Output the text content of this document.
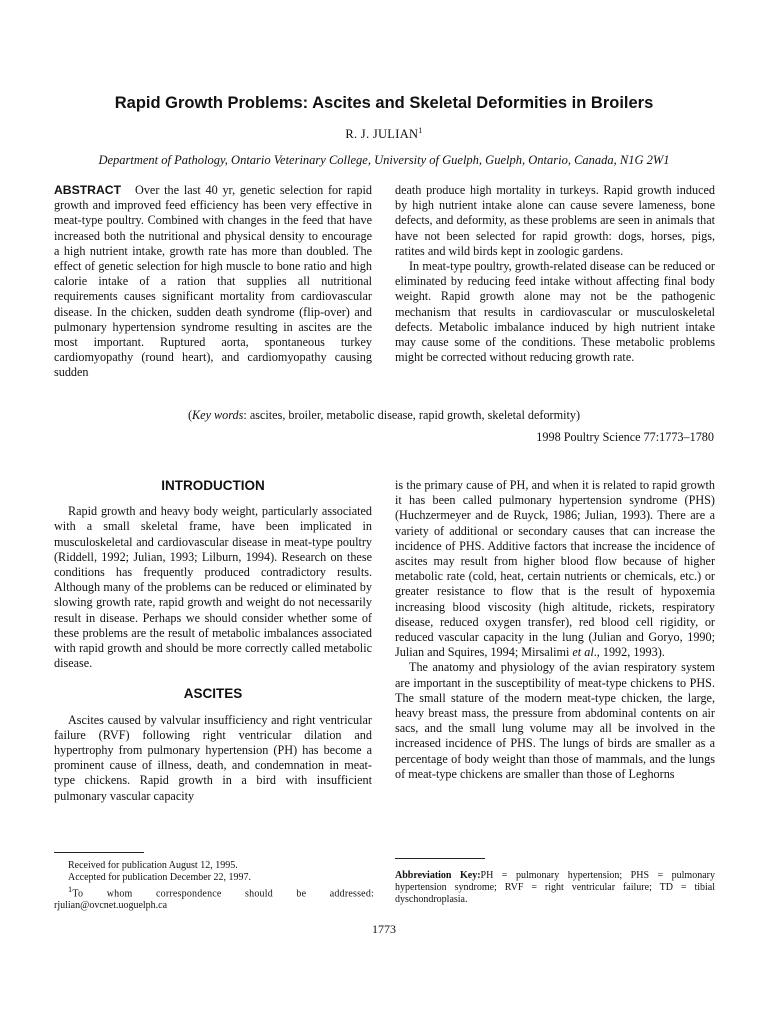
Rapid Growth Problems: Ascites and Skeletal Deformities in Broilers
R. J. JULIAN$^1$
Department of Pathology, Ontario Veterinary College, University of Guelph, Guelph, Ontario, Canada, N1G 2W1

ABSTRACT Over the last 40 yr, genetic selection for rapid growth and improved feed efficiency has been very effective in meat-type poultry. Combined with changes in the feed that have increased both the nutritional and physical density to encourage a high nutrient intake, growth rate has more than doubled. The effect of genetic selection for high muscle to bone ratio and high calorie intake of a ration that supplies all nutritional requirements causes significant mortality from cardiovascular disease. In the chicken, sudden death syndrome (flip-over) and pulmonary hypertension syndrome resulting in ascites are the most important. Ruptured aorta, spontaneous turkey cardiomyopathy (round heart), and cardiomyopathy causing sudden

death produce high mortality in turkeys. Rapid growth induced by high nutrient intake alone can cause severe lameness, bone defects, and deformity, as these problems are seen in animals that have not been selected for rapid growth: dogs, horses, pigs, ratites and wild birds kept in zoologic gardens.

In meat-type poultry, growth-related disease can be reduced or eliminated by reducing feed intake without affecting final body weight. Rapid growth alone may not be the pathogenic mechanism that results in cardiovascular or musculoskeletal defects. Metabolic imbalance induced by high nutrient intake may cause some of the conditions. These metabolic problems might be corrected without reducing growth rate.

(Key words: ascites, broiler, metabolic disease, rapid growth, skeletal deformity)
1998 Poultry Science 77:1773–1780

INTRODUCTION

Rapid growth and heavy body weight, particularly associated with a small skeletal frame, have been implicated in musculoskeletal and cardiovascular disease in meat-type poultry (Riddell, 1992; Julian, 1993; Lilburn, 1994). Research on these conditions has frequently produced contradictory results. Although many of the problems can be reduced or eliminated by slowing growth rate, rapid growth and weight do not necessarily result in disease. Perhaps we should consider whether some of these problems are the result of metabolic imbalances associated with rapid growth and should be more correctly called metabolic disease.

ASCITES

Ascites caused by valvular insufficiency and right ventricular failure (RVF) following right ventricular dilation and hypertrophy from pulmonary hypertension (PH) has become a prominent cause of illness, death, and condemnation in meat-type chickens. Rapid growth in a bird with insufficient pulmonary vascular capacity

is the primary cause of PH, and when it is related to rapid growth it has been called pulmonary hypertension syndrome (PHS) (Huchzermeyer and de Ruyck, 1986; Julian, 1993). There are a variety of additional or secondary causes that can increase the incidence of PHS. Additive factors that increase the incidence of ascites may result from higher blood flow because of higher metabolic rate (cold, heat, certain nutrients or chemicals, etc.) or greater resistance to flow that is the result of hypoxemia increasing blood viscosity (high altitude, rickets, respiratory disease, reduced oxygen transfer), red blood cell rigidity, or reduced vascular capacity in the lung (Julian and Goryo, 1990; Julian and Squires, 1994; Mirsalimi et al., 1992, 1993).

The anatomy and physiology of the avian respiratory system are important in the susceptibility of meat-type chickens to PHS. The small stature of the modern meat-type chicken, the large, heavy breast mass, the pressure from abdominal contents on air sacs, and the small lung volume may all be involved in the increased incidence of PHS. The lungs of birds are smaller as a percentage of body weight than those of mammals, and the lungs of meat-type chickens are smaller than those of Leghorns

Received for publication August 12, 1995.
Accepted for publication December 22, 1997.
$^1$To whom correspondence should be addressed:
rjulian@ovcnet.uoguelph.ca
Abbreviation Key:PH = pulmonary hypertension; PHS = pulmonary hypertension syndrome; RVF = right ventricular failure; TD = tibial dyschondroplasia.
1773
